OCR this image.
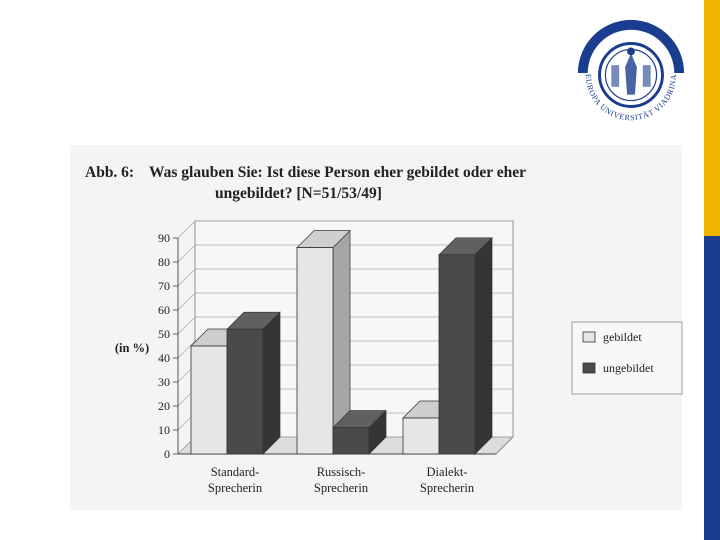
EUROPA UNIVERSITÄT VIADRINA
Abb. 6: Was glauben Sie: Ist diese Person eher gebildet oder eher
ungebildet? [N=51/53/49]
0
10
20
30
40
50
60
70
80
90
(in %)
Standard-
Sprecherin
Russisch-
Sprecherin
Dialekt-
Sprecherin
gebildet
ungebildet
